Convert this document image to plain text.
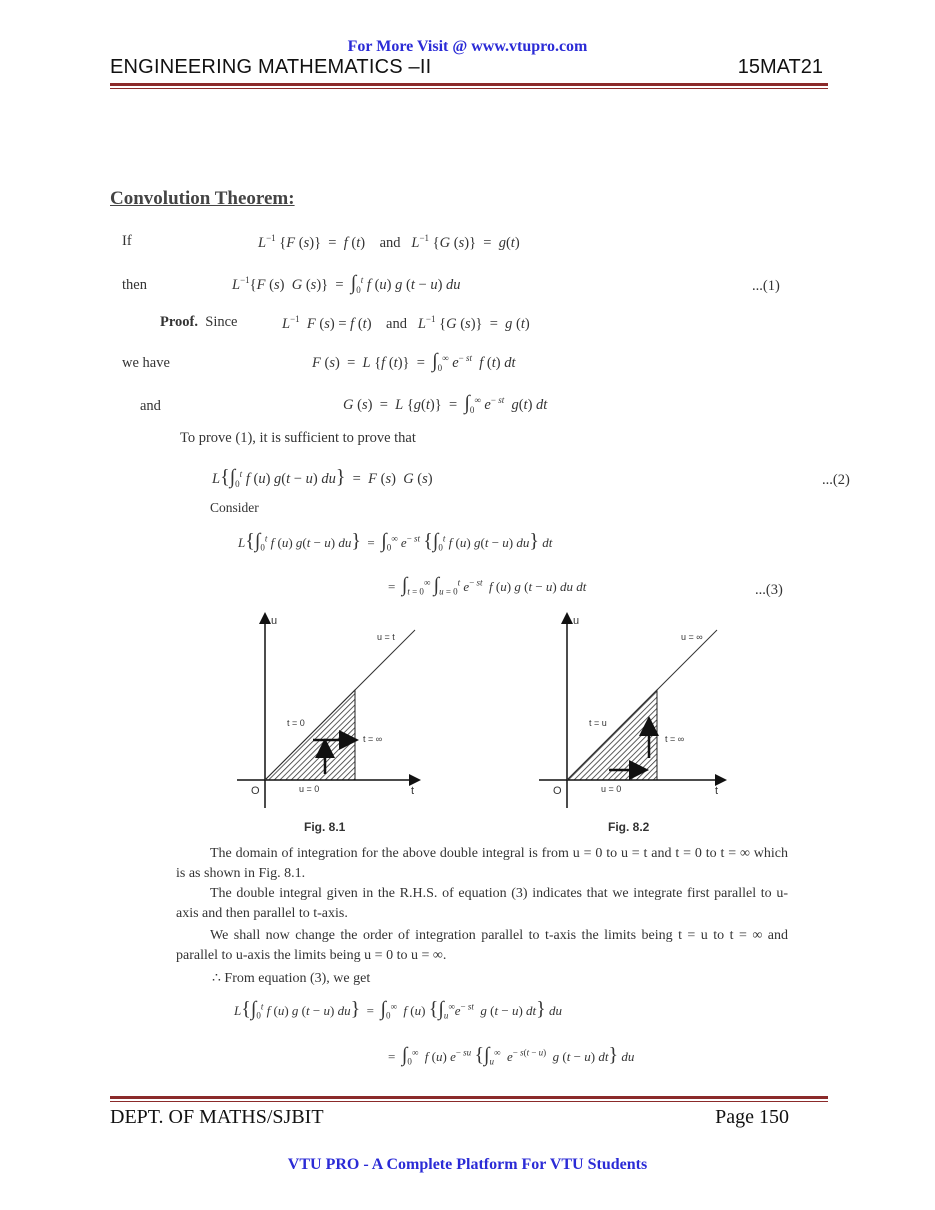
For More Visit @ www.vtupro.com
ENGINEERING MATHEMATICS –II	15MAT21
Convolution Theorem:
If	$L^{-1}$ {F (s)}  =  f (t)    and   $L^{-1}$ {G (s)}  =  g(t)
then	$L^{-1}\{F$ (s)  G $(s)\} = \int_0^t$ f (u) g (t − u) du	...(1)
Proof. Since	$L^{-1}$ F (s) = f (t)    and   $L^{-1}$ {G (s)}  =  g (t)
we have	F (s)  =  L {f $(t)\} = \int_0^\infty$ $e^{- st}$ f (t) dt
and	G (s)  =  L $\{g(t)\} = \int_0^\infty$ $e^{- st}$ g(t) dt
To prove (1), it is sufficient to prove that
$L\{\int_0^t$ f (u) g(t − u) du}  =  F (s)  G (s)	...(2)
Consider
$L\{\int_0^t$ f (u) g(t − u) $du\} = \int_0^\infty$ $e^{- st}$ {$\int_0^t$ f (u) g(t − u) du} dt
=  $\int_{t = 0}^\infty$ $\int_{u = 0}^t$ $e^{- st}$ f (u) g (t − u) du dt	...(3)
u
t
O
u = t
t = 0
t = ∞
u = 0
u
t
O
u = ∞
t = u
t = ∞
u = 0
Fig. 8.1	Fig. 8.2
The domain of integration for the above double integral is from u = 0 to u = t and t = 0 to t = ∞ which is as shown in Fig. 8.1.
The double integral given in the R.H.S. of equation (3) indicates that we integrate first parallel to u-axis and then parallel to t-axis.
We shall now change the order of integration parallel to t-axis the limits being t = u to t = ∞ and parallel to u-axis the limits being u = 0 to u = ∞.
∴ From equation (3), we get
$L\{\int_0^t$ f (u) g (t − u) $du\} = \int_0^\infty$ f (u) {$\int_u^\infty e^{- st}$ g (t − u) dt} du
=  $\int_0^\infty$ f (u) $e^{- su}$ {$\int_u^\infty$ $e^{- s(t - u)}$ g (t − u) dt} du
DEPT. OF MATHS/SJBIT	Page 150
VTU PRO - A Complete Platform For VTU Students
